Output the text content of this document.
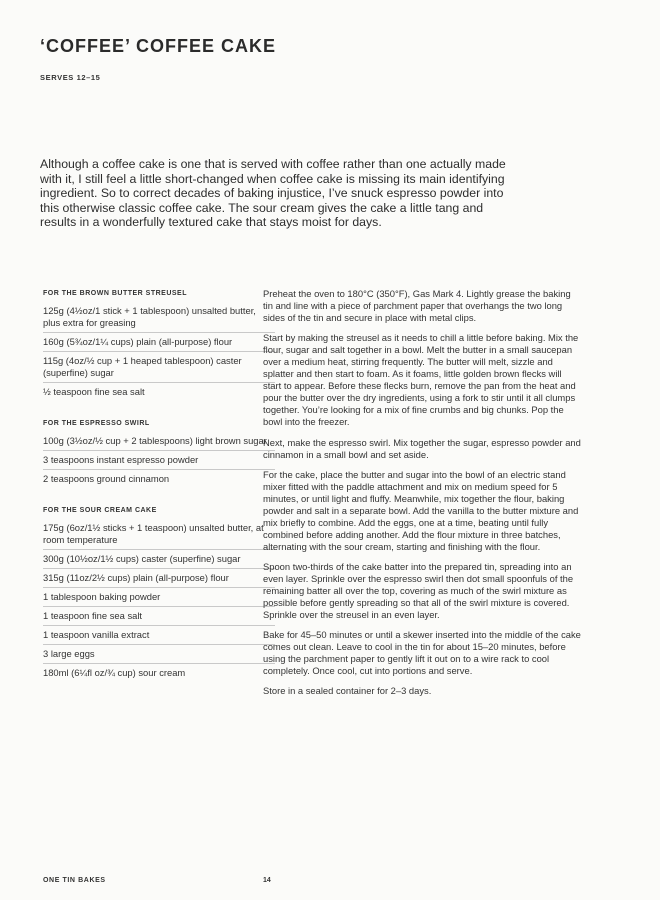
‘COFFEE’ COFFEE CAKE
SERVES 12–15

Although a coffee cake is one that is served with coffee rather than one actually made with it, I still feel a little short-changed when coffee cake is missing its main identifying ingredient. So to correct decades of baking injustice, I’ve snuck espresso powder into this otherwise classic coffee cake. The sour cream gives the cake a little tang and results in a wonderfully textured cake that stays moist for days.

FOR THE BROWN BUTTER STREUSEL
125g (4½oz/1 stick + 1 tablespoon) unsalted butter, plus extra for greasing
160g (5¾oz/1¼ cups) plain (all-purpose) flour
115g (4oz/½ cup + 1 heaped tablespoon) caster (superfine) sugar
½ teaspoon fine sea salt
FOR THE ESPRESSO SWIRL
100g (3½oz/½ cup + 2 tablespoons) light brown sugar
3 teaspoons instant espresso powder
2 teaspoons ground cinnamon
FOR THE SOUR CREAM CAKE
175g (6oz/1½ sticks + 1 teaspoon) unsalted butter, at room temperature
300g (10½oz/1½ cups) caster (superfine) sugar
315g (11oz/2½ cups) plain (all-purpose) flour
1 tablespoon baking powder
1 teaspoon fine sea salt
1 teaspoon vanilla extract
3 large eggs
180ml (6¼fl oz/¾ cup) sour cream

Preheat the oven to 180°C (350°F), Gas Mark 4. Lightly grease the baking tin and line with a piece of parchment paper that overhangs the two long sides of the tin and secure in place with metal clips.

Start by making the streusel as it needs to chill a little before baking. Mix the flour, sugar and salt together in a bowl. Melt the butter in a small saucepan over a medium heat, stirring frequently. The butter will melt, sizzle and splatter and then start to foam. As it foams, little golden brown flecks will start to appear. Before these flecks burn, remove the pan from the heat and pour the butter over the dry ingredients, using a fork to stir until it all clumps together. You’re looking for a mix of fine crumbs and big chunks. Pop the bowl into the freezer.

Next, make the espresso swirl. Mix together the sugar, espresso powder and cinnamon in a small bowl and set aside.

For the cake, place the butter and sugar into the bowl of an electric stand mixer fitted with the paddle attachment and mix on medium speed for 5 minutes, or until light and fluffy. Meanwhile, mix together the flour, baking powder and salt in a separate bowl. Add the vanilla to the butter mixture and mix briefly to combine. Add the eggs, one at a time, beating until fully combined before adding another. Add the flour mixture in three batches, alternating with the sour cream, starting and finishing with the flour.

Spoon two-thirds of the cake batter into the prepared tin, spreading into an even layer. Sprinkle over the espresso swirl then dot small spoonfuls of the remaining batter all over the top, covering as much of the swirl mixture as possible before gently spreading so that all of the swirl mixture is covered. Sprinkle over the streusel in an even layer.

Bake for 45–50 minutes or until a skewer inserted into the middle of the cake comes out clean. Leave to cool in the tin for about 15–20 minutes, before using the parchment paper to gently lift it out on to a wire rack to cool completely. Once cool, cut into portions and serve.

Store in a sealed container for 2–3 days.

ONE TIN BAKES	14
